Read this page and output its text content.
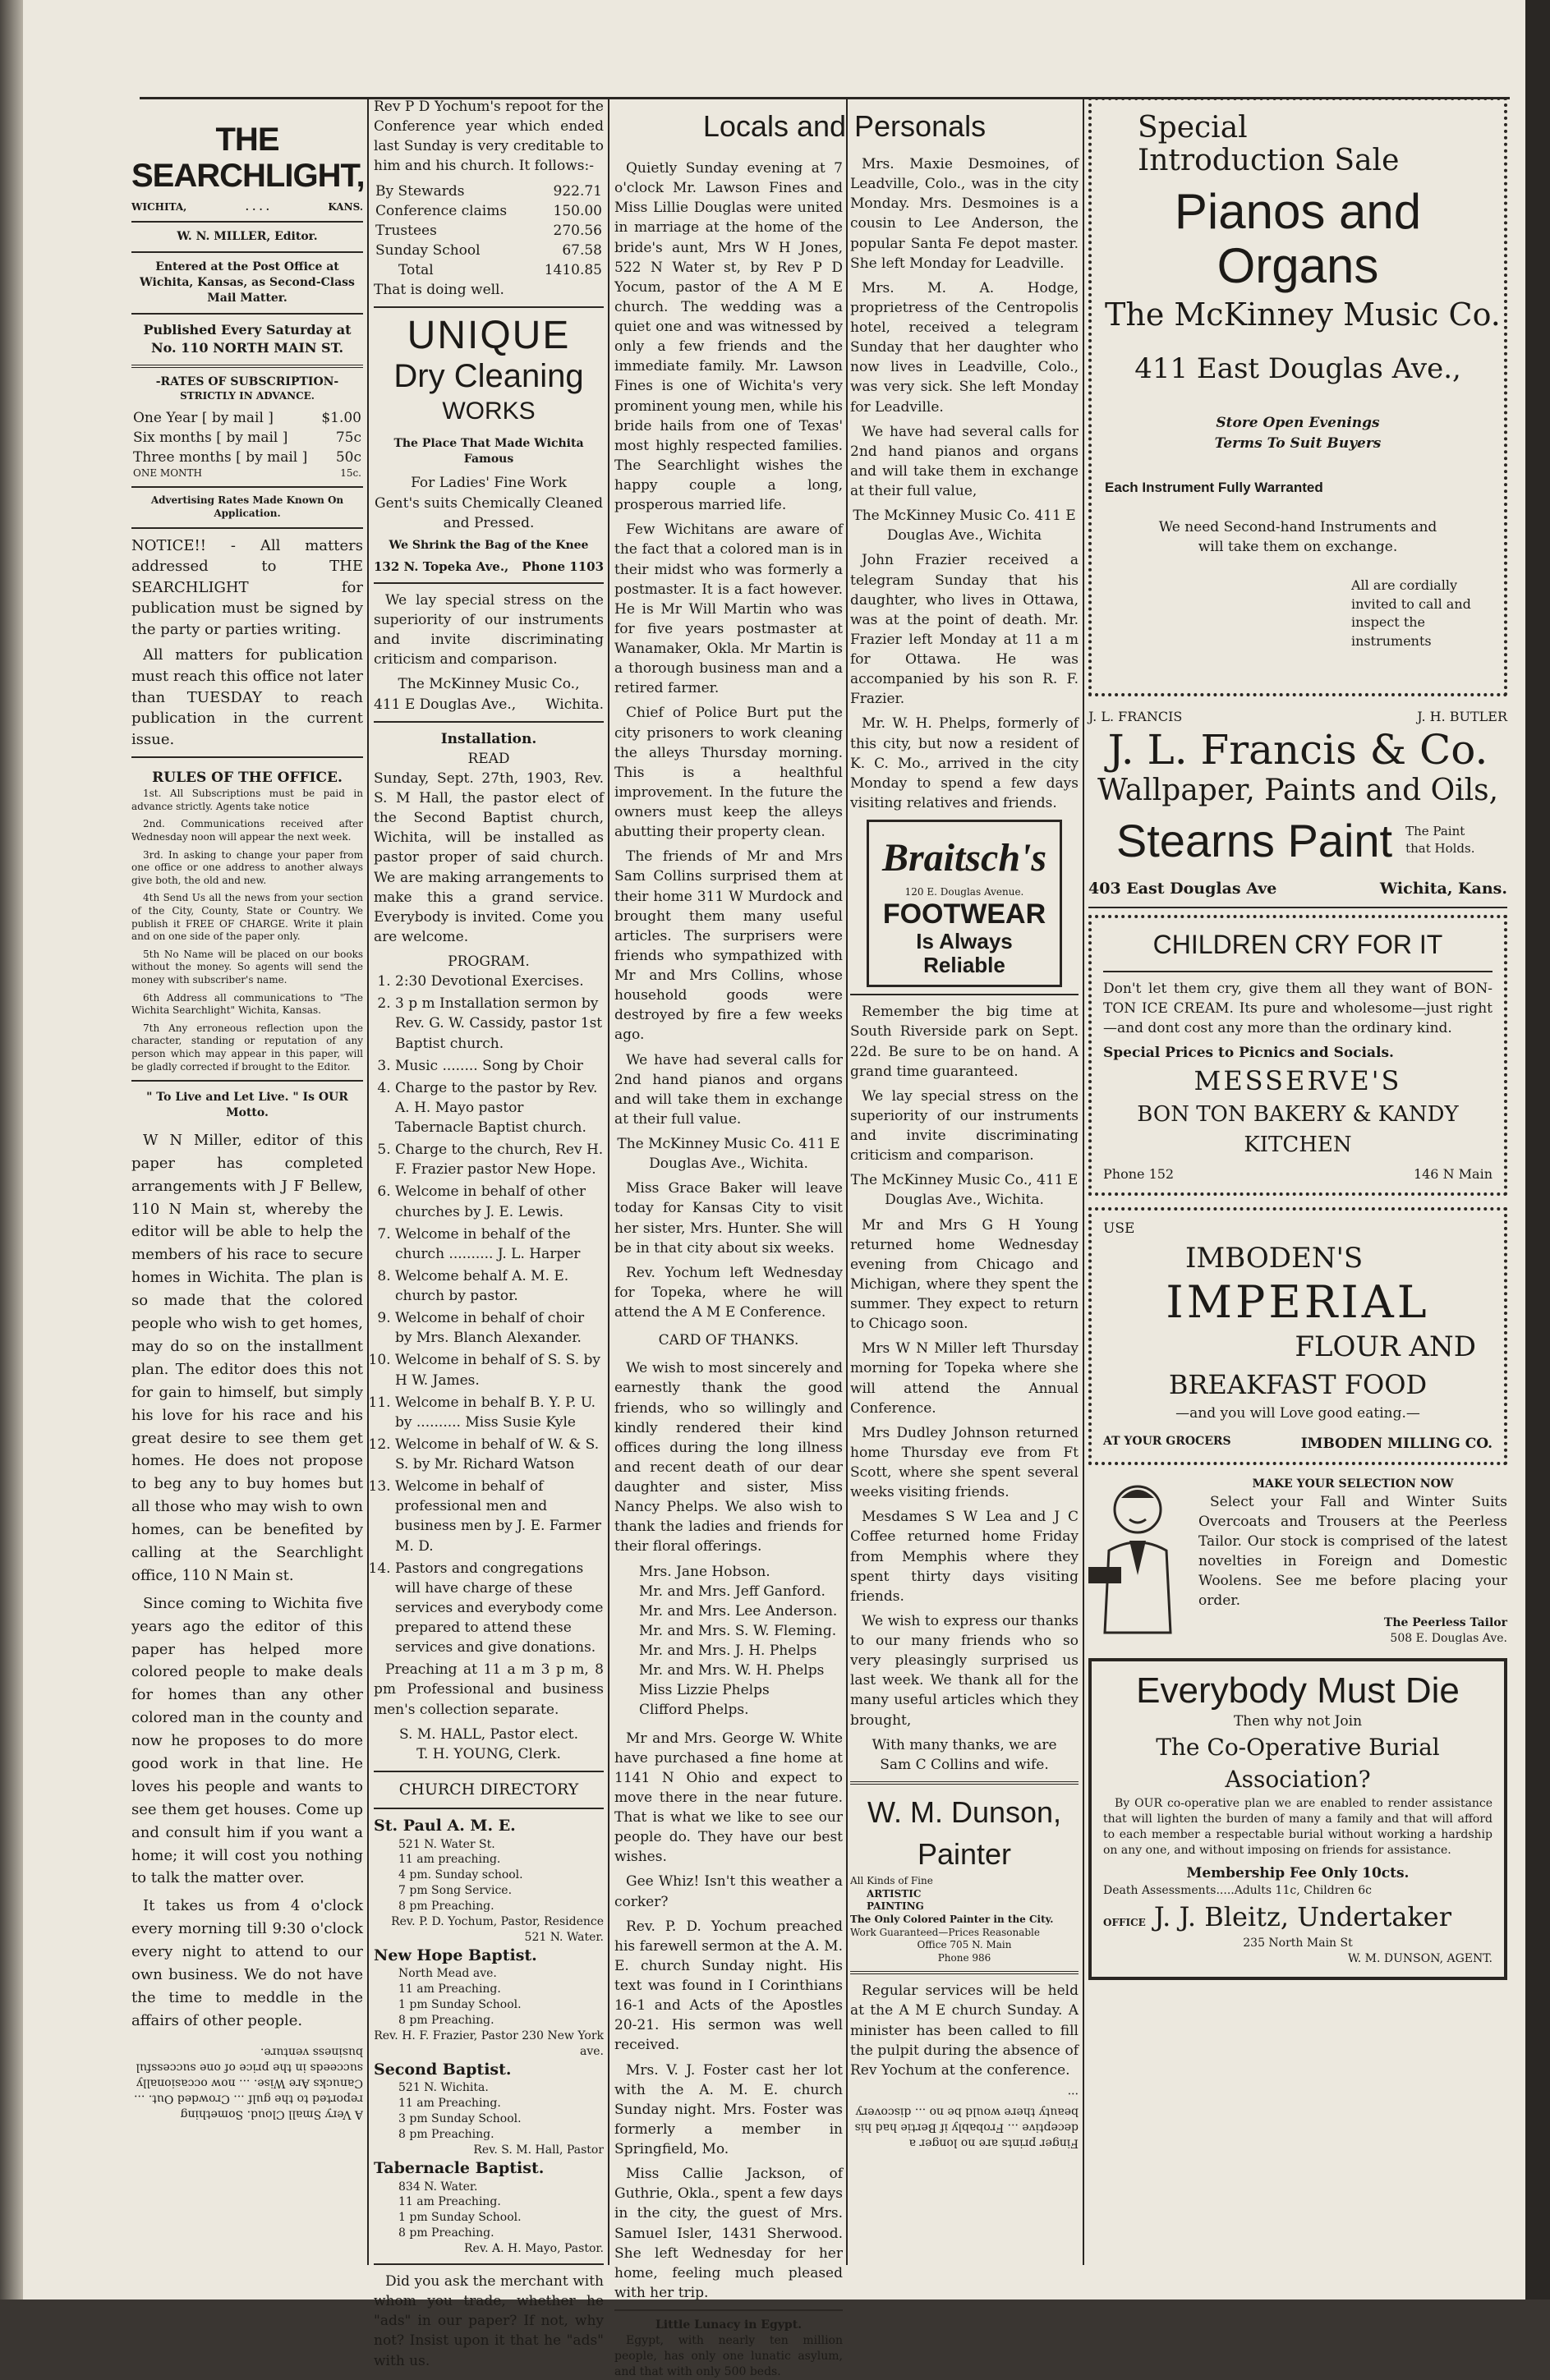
THE SEARCHLIGHT,
WICHITA,	. . . .	KANS.
W. N. MILLER, Editor.
Entered at the Post Office at Wichita, Kansas, as Second-Class Mail Matter.
Published Every Saturday at No. 110 NORTH MAIN ST.
-RATES OF SUBSCRIPTION-
STRICTLY IN ADVANCE.
One Year [ by mail ]	$1.00
Six months [ by mail ]	75c
Three months [ by mail ]	50c
ONE MONTH	15c.
Advertising Rates Made Known On Application.

NOTICE!! - All matters addressed to THE SEARCHLIGHT for publication must be signed by the party or parties writing.

All matters for publication must reach this office not later than TUESDAY to reach publication in the current issue.

RULES OF THE OFFICE.

1st. All Subscriptions must be paid in advance strictly. Agents take notice

2nd. Communications received after Wednesday noon will appear the next week.

3rd. In asking to change your paper from one office or one address to another always give both, the old and new.

4th Send Us all the news from your section of the City, County, State or Country. We publish it FREE OF CHARGE. Write it plain and on one side of the paper only.

5th No Name will be placed on our books without the money. So agents will send the money with subscriber's name.

6th Address all communications to "The Wichita Searchlight" Wichita, Kansas.

7th Any erroneous reflection upon the character, standing or reputation of any person which may appear in this paper, will be gladly corrected if brought to the Editor.

" To Live and Let Live. " Is OUR Motto.

W N Miller, editor of this paper has completed arrangements with J F Bellew, 110 N Main st, whereby the editor will be able to help the members of his race to secure homes in Wichita. The plan is so made that the colored people who wish to get homes, may do so on the installment plan. The editor does this not for gain to himself, but simply his love for his race and his great desire to see them get homes. He does not propose to beg any to buy homes but all those who may wish to own homes, can be benefited by calling at the Searchlight office, 110 N Main st.

Since coming to Wichita five years ago the editor of this paper has helped more colored people to make deals for homes than any other colored man in the county and now he proposes to do more good work in that line. He loves his people and wants to see them get houses. Come up and consult him if you want a home; it will cost you nothing to talk the matter over.

It takes us from 4 o'clock every morning till 9:30 o'clock every night to attend to our own business. We do not have the time to meddle in the affairs of other people.

A Very Small Cloud. Something reported to the gulf ... Crowded Out. ... Canucks Are Wise. ... now occasionally succeeds in the price of one successful business venture.

Rev P D Yochum's repoot for the Conference year which ended last Sunday is very creditable to him and his church. It follows:-

By Stewards	922.71
Conference claims	150.00
Trustees	270.56
Sunday School	67.58
Total	1410.85

That is doing well.

UNIQUE
Dry Cleaning
WORKS
The Place That Made Wichita Famous
For Ladies' Fine Work
Gent's suits Chemically Cleaned and Pressed.
We Shrink the Bag of the Knee
132 N. Topeka Ave., Phone 1103

We lay special stress on the superiority of our instruments and invite discriminating criticism and comparison.

The McKinney Music Co.,
411 E Douglas Ave., Wichita.
Installation.
READ

Sunday, Sept. 27th, 1903, Rev. S. M Hall, the pastor elect of the Second Baptist church, Wichita, will be installed as pastor proper of said church. We are making arrangements to make this a grand service. Everybody is invited. Come you are welcome.

PROGRAM.
1. 2:30 Devotional Exercises.
2. 3 p m Installation sermon by Rev. G. W. Cassidy, pastor 1st Baptist church.
3. Music ........ Song by Choir
4. Charge to the pastor by Rev. A. H. Mayo pastor Tabernacle Baptist church.
5. Charge to the church, Rev H. F. Frazier pastor New Hope.
6. Welcome in behalf of other churches by J. E. Lewis.
7. Welcome in behalf of the church .......... J. L. Harper
8. Welcome behalf A. M. E. church by pastor.
9. Welcome in behalf of choir by Mrs. Blanch Alexander.
10. Welcome in behalf of S. S. by H W. James.
11. Welcome in behalf B. Y. P. U. by .......... Miss Susie Kyle
12. Welcome in behalf of W. & S. S. by Mr. Richard Watson
13. Welcome in behalf of professional men and business men by J. E. Farmer M. D.
14. Pastors and congregations will have charge of these services and everybody come prepared to attend these services and give donations.

Preaching at 11 a m 3 p m, 8 pm Professional and business men's collection separate.

S. M. HALL, Pastor elect.
T. H. YOUNG, Clerk.
CHURCH DIRECTORY
St. Paul A. M. E.
521 N. Water St.
11 am preaching.
4 pm. Sunday school.
7 pm Song Service.
8 pm Preaching.
Rev. P. D. Yochum, Pastor, Residence 521 N. Water.
New Hope Baptist.
North Mead ave.
11 am Preaching.
1 pm Sunday School.
8 pm Preaching.
Rev. H. F. Frazier, Pastor 230 New York ave.
Second Baptist.
521 N. Wichita.
11 am Preaching.
3 pm Sunday School.
8 pm Preaching.
Rev. S. M. Hall, Pastor
Tabernacle Baptist.
834 N. Water.
11 am Preaching.
1 pm Sunday School.
8 pm Preaching.
Rev. A. H. Mayo, Pastor.

Did you ask the merchant with whom you trade, whether he "ads" in our paper? If not, why not? Insist upon it that he "ads" with us.

Locals and Personals

Quietly Sunday evening at 7 o'clock Mr. Lawson Fines and Miss Lillie Douglas were united in marriage at the home of the bride's aunt, Mrs W H Jones, 522 N Water st, by Rev P D Yocum, pastor of the A M E church. The wedding was a quiet one and was witnessed by only a few friends and the immediate family. Mr. Lawson Fines is one of Wichita's very prominent young men, while his bride hails from one of Texas' most highly respected families. The Searchlight wishes the happy couple a long, prosperous married life.

Few Wichitans are aware of the fact that a colored man is in their midst who was formerly a postmaster. It is a fact however. He is Mr Will Martin who was for five years postmaster at Wanamaker, Okla. Mr Martin is a thorough business man and a retired farmer.

Chief of Police Burt put the city prisoners to work cleaning the alleys Thursday morning. This is a healthful improvement. In the future the owners must keep the alleys abutting their property clean.

The friends of Mr and Mrs Sam Collins surprised them at their home 311 W Murdock and brought them many useful articles. The surprisers were friends who sympathized with Mr and Mrs Collins, whose household goods were destroyed by fire a few weeks ago.

We have had several calls for 2nd hand pianos and organs and will take them in exchange at their full value.

The McKinney Music Co. 411 E Douglas Ave., Wichita.

Miss Grace Baker will leave today for Kansas City to visit her sister, Mrs. Hunter. She will be in that city about six weeks.

Rev. Yochum left Wednesday for Topeka, where he will attend the A M E Conference.

CARD OF THANKS.

We wish to most sincerely and earnestly thank the good friends, who so willingly and kindly rendered their kind offices during the long illness and recent death of our dear daughter and sister, Miss Nancy Phelps. We also wish to thank the ladies and friends for their floral offerings.

Mrs. Jane Hobson.
Mr. and Mrs. Jeff Ganford.
Mr. and Mrs. Lee Anderson.
Mr. and Mrs. S. W. Fleming.
Mr. and Mrs. J. H. Phelps
Mr. and Mrs. W. H. Phelps
Miss Lizzie Phelps
Clifford Phelps.

Mr and Mrs. George W. White have purchased a fine home at 1141 N Ohio and expect to move there in the near future. That is what we like to see our people do. They have our best wishes.

Gee Whiz! Isn't this weather a corker?

Rev. P. D. Yochum preached his farewell sermon at the A. M. E. church Sunday night. His text was found in I Corinthians 16-1 and Acts of the Apostles 20-21. His sermon was well received.

Mrs. V. J. Foster cast her lot with the A. M. E. church Sunday night. Mrs. Foster was formerly a member in Springfield, Mo.

Miss Callie Jackson, of Guthrie, Okla., spent a few days in the city, the guest of Mrs. Samuel Isler, 1431 Sherwood. She left Wednesday for her home, feeling much pleased with her trip.

Little Lunacy in Egypt.

Egypt, with nearly ten million people, has only one lunatic asylum, and that with only 500 beds.

Mrs. Maxie Desmoines, of Leadville, Colo., was in the city Monday. Mrs. Desmoines is a cousin to Lee Anderson, the popular Santa Fe depot master. She left Monday for Leadville.

Mrs. M. A. Hodge, proprietress of the Centropolis hotel, received a telegram Sunday that her daughter who now lives in Leadville, Colo., was very sick. She left Monday for Leadville.

We have had several calls for 2nd hand pianos and organs and will take them in exchange at their full value,

The McKinney Music Co. 411 E Douglas Ave., Wichita

John Frazier received a telegram Sunday that his daughter, who lives in Ottawa, was at the point of death. Mr. Frazier left Monday at 11 a m for Ottawa. He was accompanied by his son R. F. Frazier.

Mr. W. H. Phelps, formerly of this city, but now a resident of K. C. Mo., arrived in the city Monday to spend a few days visiting relatives and friends.

Braitsch's
120 E. Douglas Avenue.
FOOTWEAR
Is Always Reliable

Remember the big time at South Riverside park on Sept. 22d. Be sure to be on hand. A grand time guaranteed.

We lay special stress on the superiority of our instruments and invite discriminating criticism and comparison.

The McKinney Music Co., 411 E Douglas Ave., Wichita.

Mr and Mrs G H Young returned home Wednesday evening from Chicago and Michigan, where they spent the summer. They expect to return to Chicago soon.

Mrs W N Miller left Thursday morning for Topeka where she will attend the Annual Conference.

Mrs Dudley Johnson returned home Thursday eve from Ft Scott, where she spent several weeks visiting friends.

Mesdames S W Lea and J C Coffee returned home Friday from Memphis where they spent thirty days visiting friends.

We wish to express our thanks to our many friends who so very pleasingly surprised us last week. We thank all for the many useful articles which they brought,

With many thanks, we are
Sam C Collins and wife.
W. M. Dunson,
Painter
All Kinds of Fine
ARTISTIC
PAINTING
The Only Colored Painter in the City.
Work Guaranteed—Prices Reasonable
Office 705 N. Main
Phone 986

Regular services will be held at the A M E church Sunday. A minister has been called to fill the pulpit during the absence of Rev Yochum at the conference.

Finger prints are no longer a deceptive ... Frobably if Bertie had his beauty there would be no ... discovery ...
Special
Introduction Sale
Pianos and Organs
The McKinney Music Co.
411 East Douglas Ave.,
Store Open Evenings
Terms To Suit Buyers
Each Instrument Fully Warranted
We need Second-hand Instruments and will take them on exchange.
All are cordially invited to call and inspect the instruments
J. L. FRANCIS	J. H. BUTLER
J. L. Francis & Co.
Wallpaper, Paints and Oils,
Stearns Paint The Paint that Holds.
403 East Douglas Ave	Wichita, Kans.
CHILDREN CRY FOR IT

Don't let them cry, give them all they want of BON-TON ICE CREAM. Its pure and wholesome—just right—and dont cost any more than the ordinary kind.

Special Prices to Picnics and Socials.
MESSERVE'S
BON TON BAKERY & KANDY KITCHEN
Phone 152	146 N Main
USE
IMBODEN'S
IMPERIAL
FLOUR AND
BREAKFAST FOOD
—and you will Love good eating.—
AT YOUR GROCERS	IMBODEN MILLING CO.
MAKE YOUR SELECTION NOW

Select your Fall and Winter Suits Overcoats and Trousers at the Peerless Tailor. Our stock is comprised of the latest novelties in Foreign and Domestic Woolens. See me before placing your order.

The Peerless Tailor
508 E. Douglas Ave.
Everybody Must Die
Then why not Join
The Co-Operative Burial Association?

By OUR co-operative plan we are enabled to render assistance that will lighten the burden of many a family and that will afford to each member a respectable burial without working a hardship on any one, and without imposing on friends for assistance.

Membership Fee Only 10cts.
Death Assessments.....Adults 11c, Children 6c
OFFICE J. J. Bleitz, Undertaker
235 North Main St
W. M. DUNSON, AGENT.
